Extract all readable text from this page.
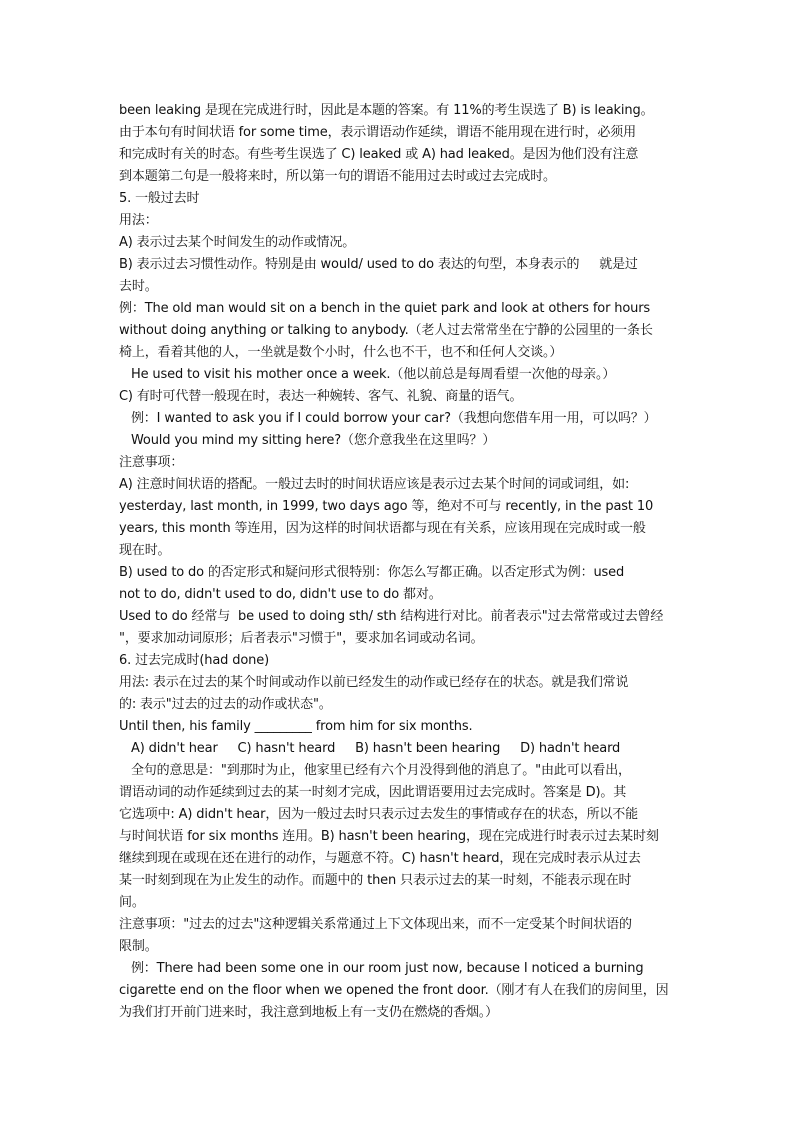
been leaking 是现在完成进行时，因此是本题的答案。有 11%的考生误选了 B) is leaking。
由于本句有时间状语 for some time，表示谓语动作延续，谓语不能用现在进行时，必须用
和完成时有关的时态。有些考生误选了 C) leaked 或 A) had leaked。是因为他们没有注意
到本题第二句是一般将来时，所以第一句的谓语不能用过去时或过去完成时。
5. 一般过去时
用法：
A) 表示过去某个时间发生的动作或情况。
B) 表示过去习惯性动作。特别是由 would/ used to do 表达的句型，本身表示的     就是过
去时。
例：The old man would sit on a bench in the quiet park and look at others for hours
without doing anything or talking to anybody.（老人过去常常坐在宁静的公园里的一条长
椅上，看着其他的人，一坐就是数个小时，什么也不干，也不和任何人交谈。）
He used to visit his mother once a week.（他以前总是每周看望一次他的母亲。）
C) 有时可代替一般现在时，表达一种婉转、客气、礼貌、商量的语气。
例：I wanted to ask you if I could borrow your car?（我想向您借车用一用，可以吗？）
Would you mind my sitting here?（您介意我坐在这里吗？）
注意事项：
A) 注意时间状语的搭配。一般过去时的时间状语应该是表示过去某个时间的词或词组，如:
yesterday, last month, in 1999, two days ago 等，绝对不可与 recently, in the past 10
years, this month 等连用，因为这样的时间状语都与现在有关系，应该用现在完成时或一般
现在时。
B) used to do 的否定形式和疑问形式很特别：你怎么写都正确。以否定形式为例：used
not to do, didn't used to do, didn't use to do 都对。
Used to do 经常与  be used to doing sth/ sth 结构进行对比。前者表示"过去常常或过去曾经
"，要求加动词原形；后者表示"习惯于"，要求加名词或动名词。
6. 过去完成时(had done)
用法: 表示在过去的某个时间或动作以前已经发生的动作或已经存在的状态。就是我们常说
的: 表示"过去的过去的动作或状态"。
Until then, his family _________ from him for six months.
A) didn't hear     C) hasn't heard     B) hasn't been hearing     D) hadn't heard
全句的意思是："到那时为止，他家里已经有六个月没得到他的消息了。"由此可以看出，
谓语动词的动作延续到过去的某一时刻才完成，因此谓语要用过去完成时。答案是 D)。其
它选项中: A) didn't hear，因为一般过去时只表示过去发生的事情或存在的状态，所以不能
与时间状语 for six months 连用。B) hasn't been hearing，现在完成进行时表示过去某时刻
继续到现在或现在还在进行的动作，与题意不符。C) hasn't heard，现在完成时表示从过去
某一时刻到现在为止发生的动作。而题中的 then 只表示过去的某一时刻，不能表示现在时
间。
注意事项："过去的过去"这种逻辑关系常通过上下文体现出来，而不一定受某个时间状语的
限制。
例：There had been some one in our room just now, because I noticed a burning
cigarette end on the floor when we opened the front door.（刚才有人在我们的房间里，因
为我们打开前门进来时，我注意到地板上有一支仍在燃烧的香烟。）
